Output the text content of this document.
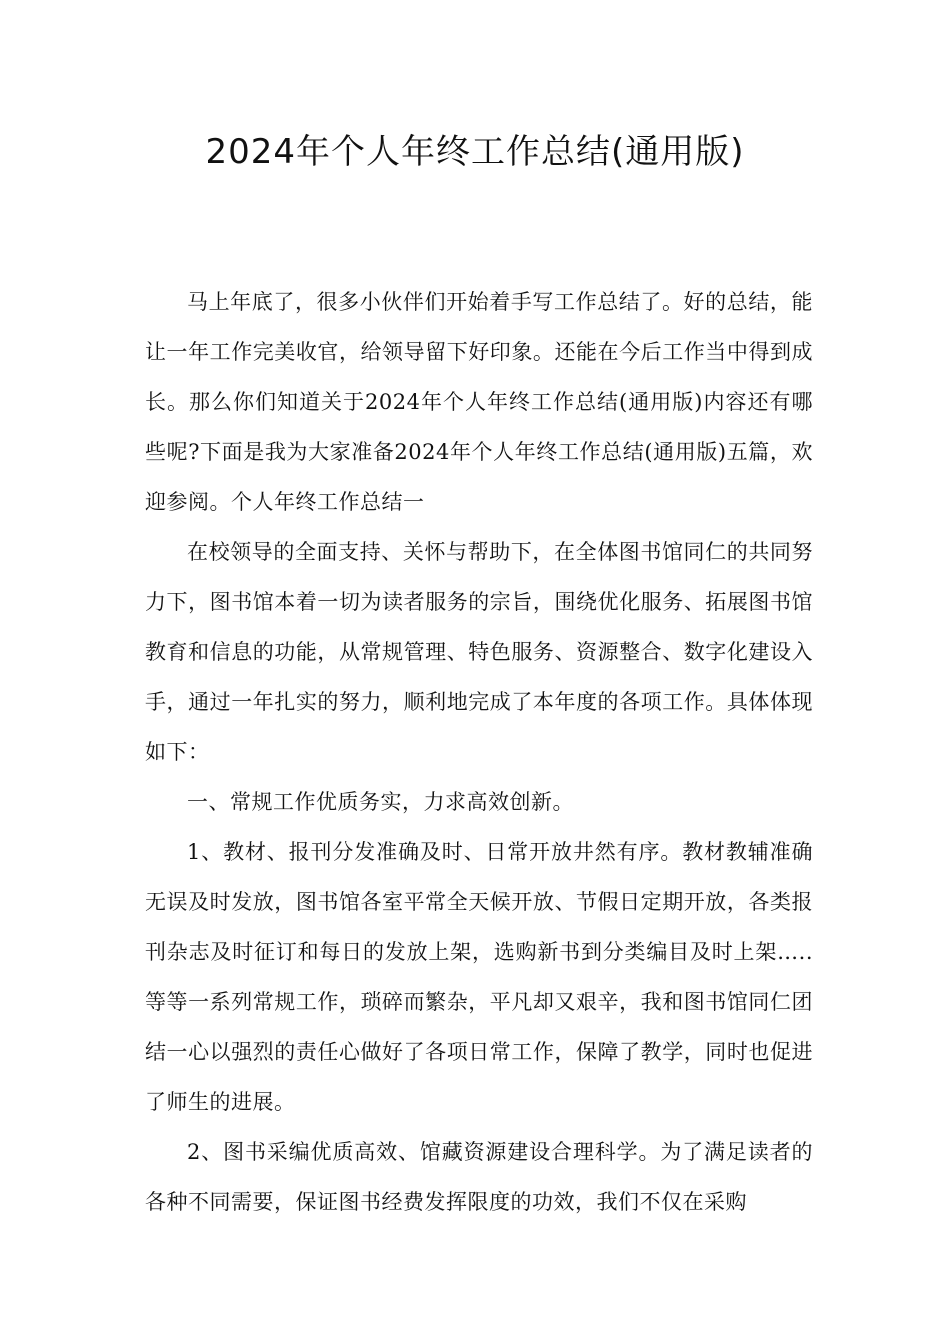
2024年个人年终工作总结(通用版)

马上年底了，很多小伙伴们开始着手写工作总结了。好的总结，能让一年工作完美收官，给领导留下好印象。还能在今后工作当中得到成长。那么你们知道关于2024年个人年终工作总结(通用版)内容还有哪些呢?下面是我为大家准备2024年个人年终工作总结(通用版)五篇，欢迎参阅。个人年终工作总结一

在校领导的全面支持、关怀与帮助下，在全体图书馆同仁的共同努力下，图书馆本着一切为读者服务的宗旨，围绕优化服务、拓展图书馆教育和信息的功能，从常规管理、特色服务、资源整合、数字化建设入手，通过一年扎实的努力，顺利地完成了本年度的各项工作。具体体现如下：

一、常规工作优质务实，力求高效创新。

1、教材、报刊分发准确及时、日常开放井然有序。教材教辅准确无误及时发放，图书馆各室平常全天候开放、节假日定期开放，各类报刊杂志及时征订和每日的发放上架，选购新书到分类编目及时上架…..等等一系列常规工作，琐碎而繁杂，平凡却又艰辛，我和图书馆同仁团结一心以强烈的责任心做好了各项日常工作，保障了教学，同时也促进了师生的进展。

2、图书采编优质高效、馆藏资源建设合理科学。为了满足读者的各种不同需要，保证图书经费发挥限度的功效，我们不仅在采购
